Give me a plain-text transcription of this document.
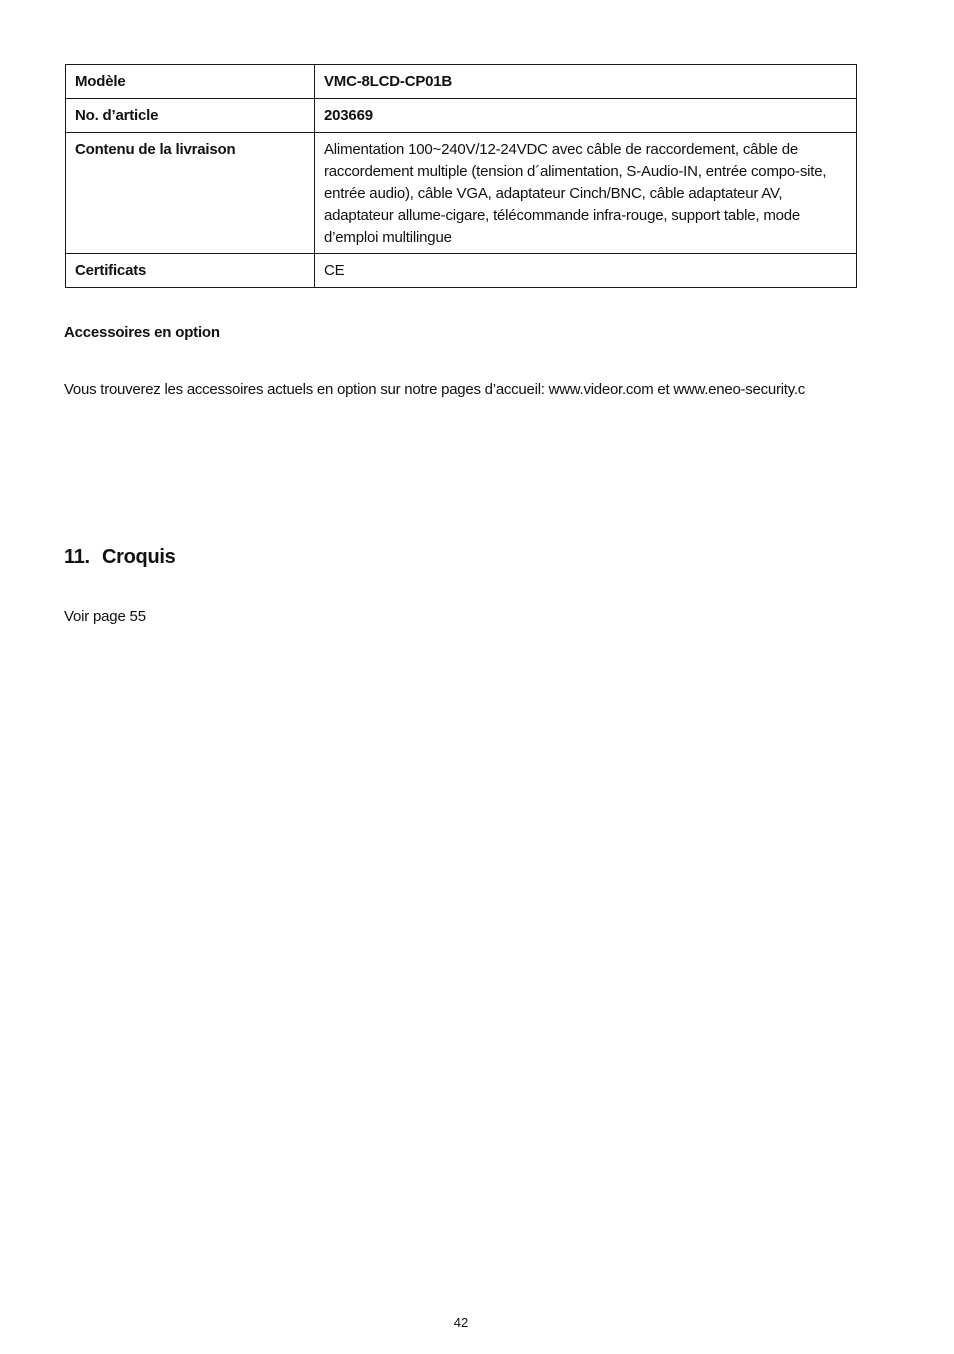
Modèle	VMC-8LCD-CP01B
No. d’article	203669
Contenu de la livraison	Alimentation 100~240V/12-24VDC avec câble de raccordement, câble de raccordement multiple (tension d´alimentation, S-Audio-IN, entrée compo-site, entrée audio), câble VGA, adaptateur Cinch/BNC, câble adaptateur AV, adaptateur allume-cigare, télécommande infra-rouge, support table, mode d’emploi multilingue
Certificats	CE
Accessoires en option
Vous trouverez les accessoires actuels en option sur notre pages d’accueil: www.videor.com et www.eneo-security.c
11. Croquis
Voir page 55
42
